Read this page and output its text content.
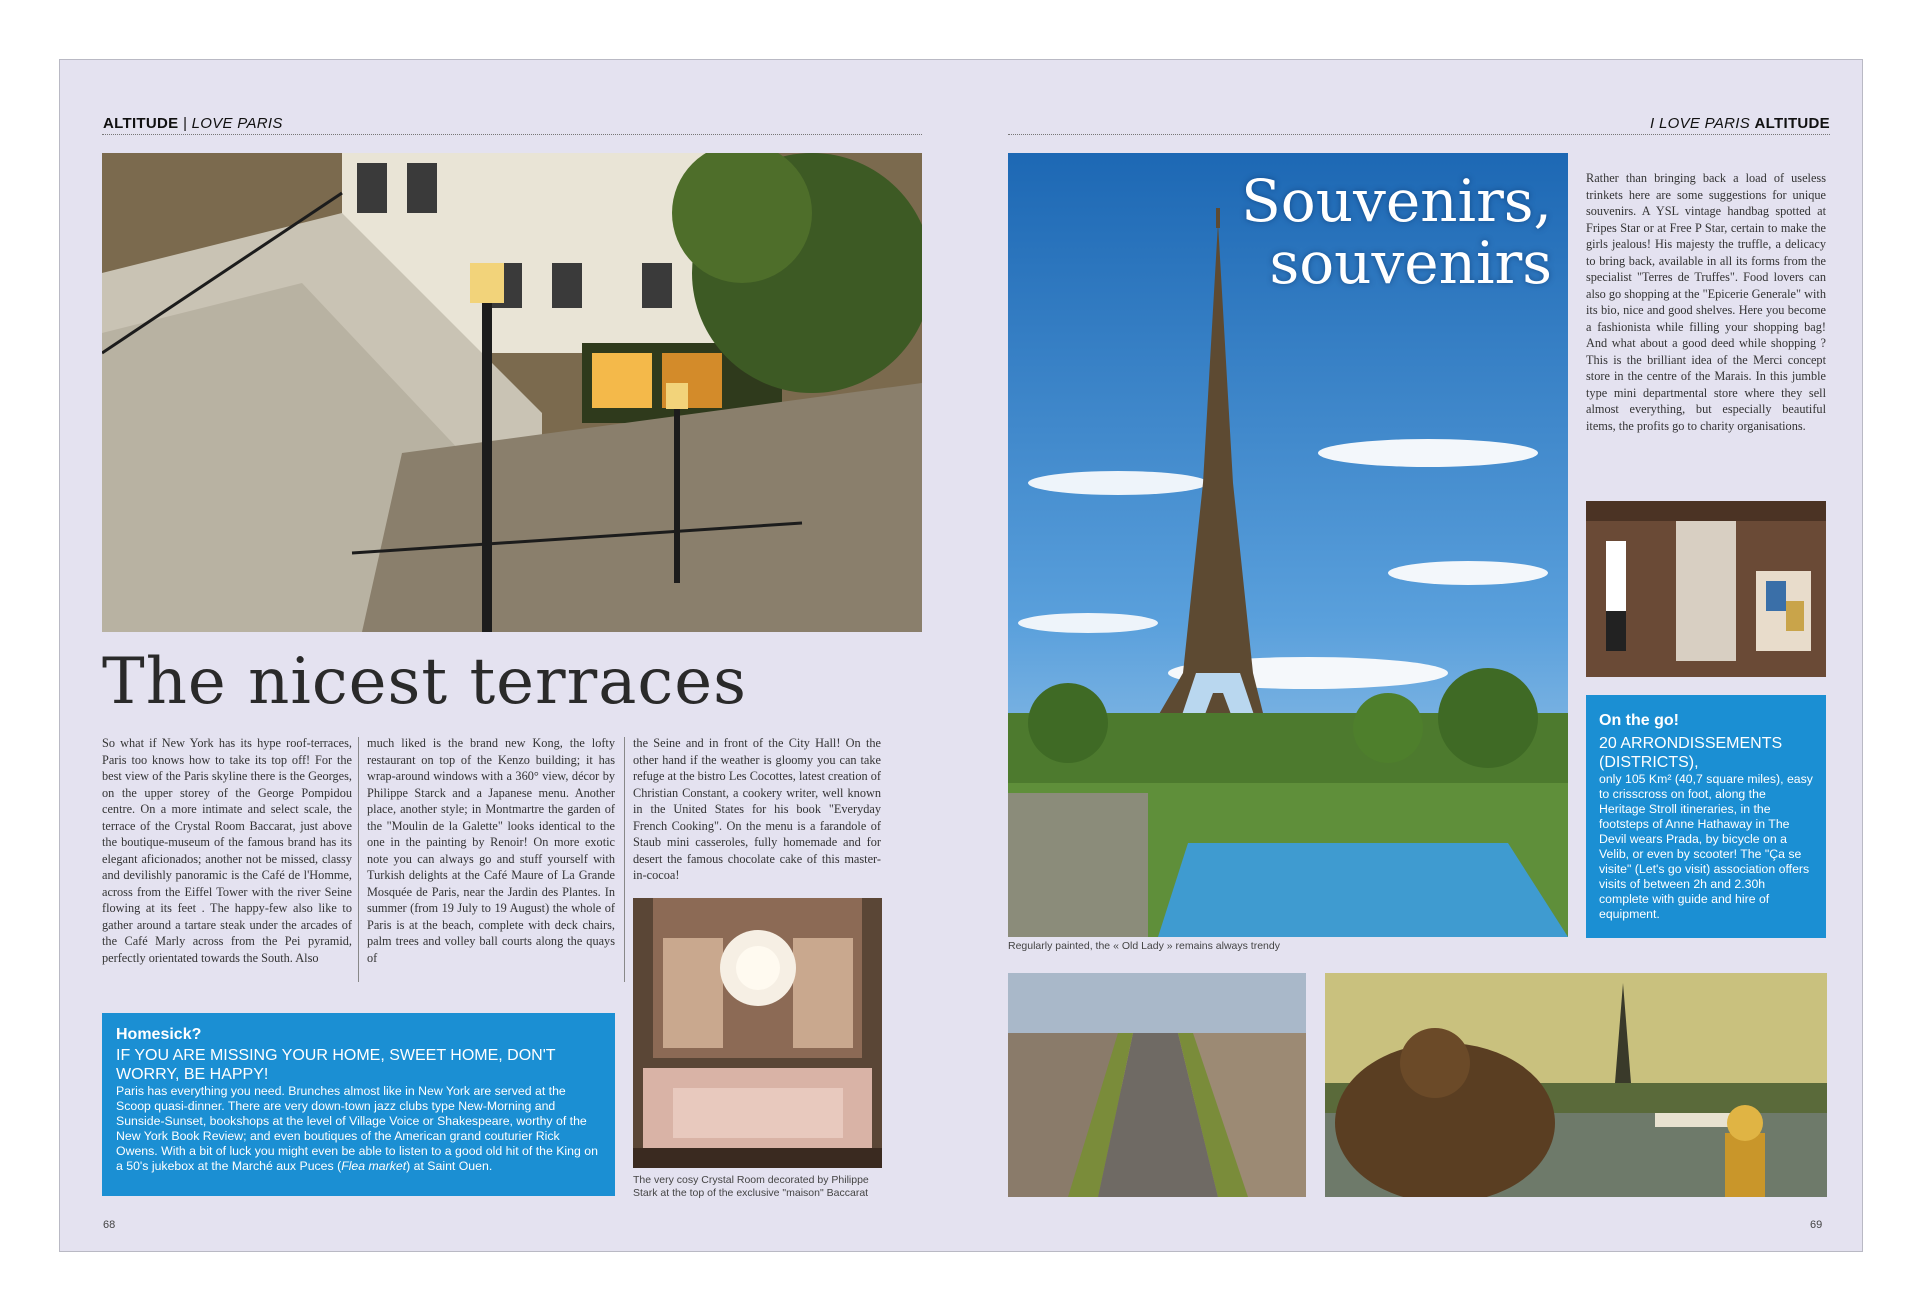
ALTITUDE | LOVE PARIS	I LOVE PARIS ALTITUDE
The nicest terraces
So what if New York has its hype roof-terraces, Paris too knows how to take its top off! For the best view of the Paris skyline there is the Georges, on the upper storey of the George Pompidou centre. On a more intimate and select scale, the terrace of the Crystal Room Baccarat, just above the boutique-museum of the famous brand has its elegant aficionados; another not be missed, classy and devilishly panoramic is the Café de l'Homme, across from the Eiffel Tower with the river Seine flowing at its feet . The happy-few also like to gather around a tartare steak under the arcades of the Café Marly across from the Pei pyramid, perfectly orientated towards the South. Also
much liked is the brand new Kong, the lofty restaurant on top of the Kenzo building; it has wrap-around windows with a 360° view, décor by Philippe Starck and a Japanese menu. Another place, another style; in Montmartre the garden of the "Moulin de la Galette" looks identical to the one in the painting by Renoir! On more exotic note you can always go and stuff yourself with Turkish delights at the Café Maure of La Grande Mosquée de Paris, near the Jardin des Plantes. In summer (from 19 July to 19 August) the whole of Paris is at the beach, complete with deck chairs, palm trees and volley ball courts along the quays of
the Seine and in front of the City Hall! On the other hand if the weather is gloomy you can take refuge at the bistro Les Cocottes, latest creation of Christian Constant, a cookery writer, well known in the United States for his book "Everyday French Cooking". On the menu is a farandole of Staub mini casseroles, fully homemade and for desert the famous chocolate cake of this master-in-cocoa!
The very cosy Crystal Room decorated by Philippe Stark at the top of the exclusive "maison" Baccarat
Homesick?
IF YOU ARE MISSING YOUR HOME, SWEET HOME, DON'T WORRY, BE HAPPY!
Paris has everything you need. Brunches almost like in New York are served at the Scoop quasi-dinner. There are very down-town jazz clubs type New-Morning and Sunside-Sunset, bookshops at the level of Village Voice or Shakespeare, worthy of the New York Book Review; and even boutiques of the American grand couturier Rick Owens. With a bit of luck you might even be able to listen to a good old hit of the King on a 50's jukebox at the Marché aux Puces (Flea market) at Saint Ouen.
68
Souvenirs,
souvenirs
Regularly painted, the « Old Lady » remains always trendy
Rather than bringing back a load of useless trinkets here are some suggestions for unique souvenirs. A YSL vintage handbag spotted at Fripes Star or at Free P Star, certain to make the girls jealous! His majesty the truffle, a delicacy to bring back, available in all its forms from the specialist "Terres de Truffes". Food lovers can also go shopping at the "Epicerie Generale" with its bio, nice and good shelves. Here you become a fashionista while filling your shopping bag! And what about a good deed while shopping ? This is the brilliant idea of the Merci concept store in the centre of the Marais. In this jumble type mini departmental store where they sell almost everything, but especially beautiful items, the profits go to charity organisations.
On the go!
20 ARRONDISSEMENTS (DISTRICTS),
only 105 Km² (40,7 square miles), easy to crisscross on foot, along the Heritage Stroll itineraries, in the footsteps of Anne Hathaway in The Devil wears Prada, by bicycle on a Velib, or even by scooter! The "Ça se visite" (Let's go visit) association offers visits of between 2h and 2.30h complete with guide and hire of equipment.
69
